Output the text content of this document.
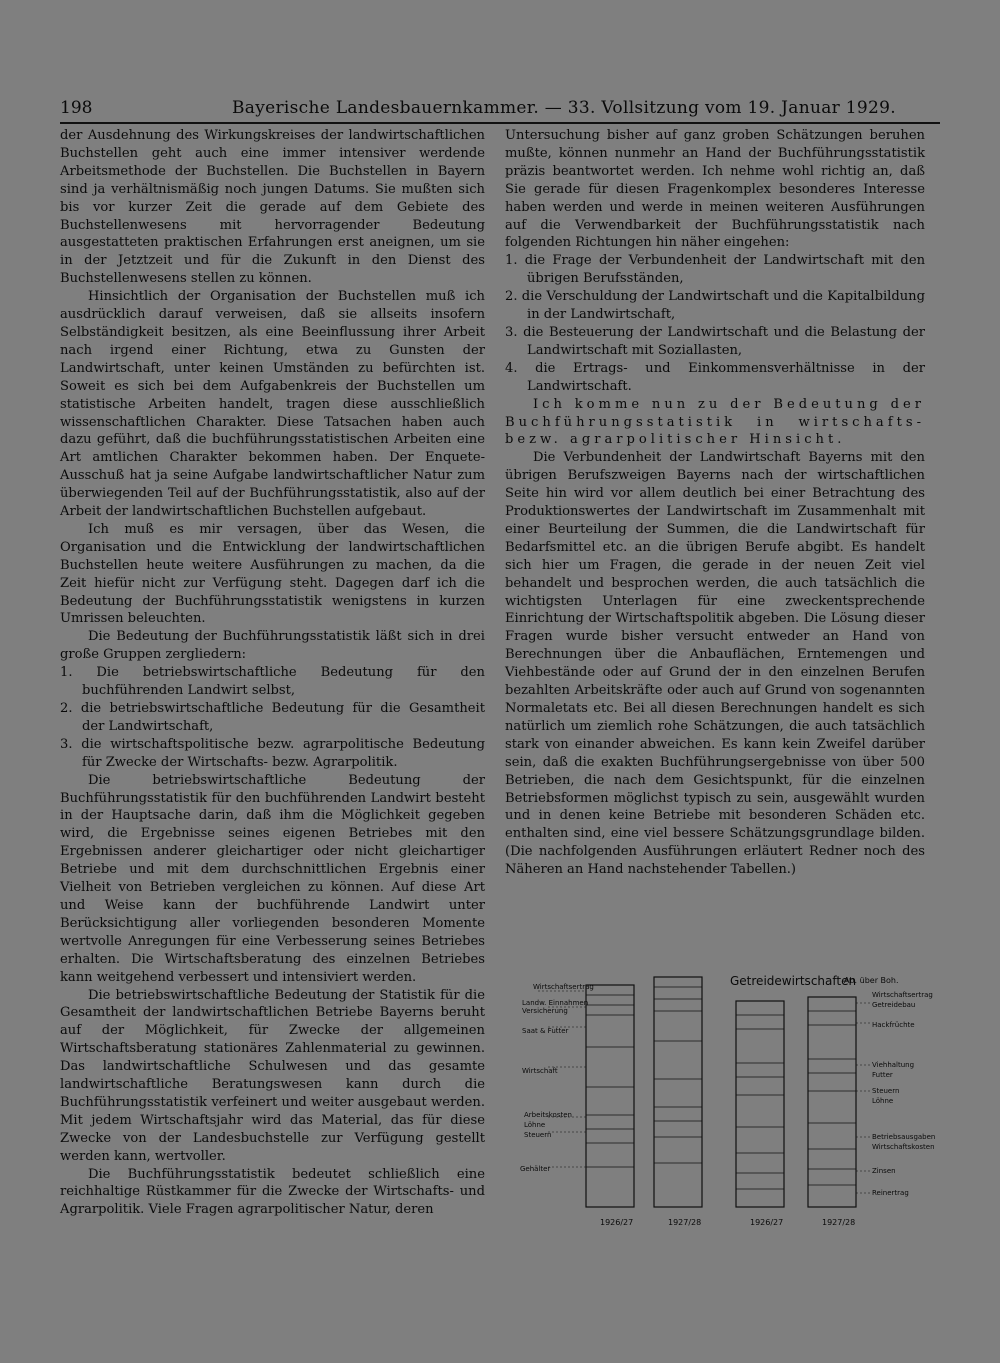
198	Bayerische Landesbauernkammer. — 33. Vollsitzung vom 19. Januar 1929.

der Ausdehnung des Wirkungskreises der landwirtschaftlichen Buchstellen geht auch eine immer intensiver werdende Arbeitsmethode der Buchstellen. Die Buchstellen in Bayern sind ja verhältnismäßig noch jungen Datums. Sie mußten sich bis vor kurzer Zeit die gerade auf dem Gebiete des Buchstellenwesens mit hervorragender Bedeutung ausgestatteten praktischen Erfahrungen erst aneignen, um sie in der Jetztzeit und für die Zukunft in den Dienst des Buchstellenwesens stellen zu können.

Hinsichtlich der Organisation der Buchstellen muß ich ausdrücklich darauf verweisen, daß sie allseits insofern Selbständigkeit besitzen, als eine Beeinflussung ihrer Arbeit nach irgend einer Richtung, etwa zu Gunsten der Landwirtschaft, unter keinen Umständen zu befürchten ist. Soweit es sich bei dem Aufgabenkreis der Buchstellen um statistische Arbeiten handelt, tragen diese ausschließlich wissenschaftlichen Charakter. Diese Tatsachen haben auch dazu geführt, daß die buchführungsstatistischen Arbeiten eine Art amtlichen Charakter bekommen haben. Der Enquete-Ausschuß hat ja seine Aufgabe landwirtschaftlicher Natur zum überwiegenden Teil auf der Buchführungsstatistik, also auf der Arbeit der landwirtschaftlichen Buchstellen aufgebaut.

Ich muß es mir versagen, über das Wesen, die Organisation und die Entwicklung der landwirtschaftlichen Buchstellen heute weitere Ausführungen zu machen, da die Zeit hiefür nicht zur Verfügung steht. Dagegen darf ich die Bedeutung der Buchführungsstatistik wenigstens in kurzen Umrissen beleuchten.

Die Bedeutung der Buchführungsstatistik läßt sich in drei große Gruppen zergliedern:

1. Die betriebswirtschaftliche Bedeutung für den buchführenden Landwirt selbst,

2. die betriebswirtschaftliche Bedeutung für die Gesamtheit der Landwirtschaft,

3. die wirtschaftspolitische bezw. agrarpolitische Bedeutung für Zwecke der Wirtschafts- bezw. Agrarpolitik.

Die betriebswirtschaftliche Bedeutung der Buchführungsstatistik für den buchführenden Landwirt besteht in der Hauptsache darin, daß ihm die Möglichkeit gegeben wird, die Ergebnisse seines eigenen Betriebes mit den Ergebnissen anderer gleichartiger oder nicht gleichartiger Betriebe und mit dem durchschnittlichen Ergebnis einer Vielheit von Betrieben vergleichen zu können. Auf diese Art und Weise kann der buchführende Landwirt unter Berücksichtigung aller vorliegenden besonderen Momente wertvolle Anregungen für eine Verbesserung seines Betriebes erhalten. Die Wirtschaftsberatung des einzelnen Betriebes kann weitgehend verbessert und intensiviert werden.

Die betriebswirtschaftliche Bedeutung der Statistik für die Gesamtheit der landwirtschaftlichen Betriebe Bayerns beruht auf der Möglichkeit, für Zwecke der allgemeinen Wirtschaftsberatung stationäres Zahlenmaterial zu gewinnen. Das landwirtschaftliche Schulwesen und das gesamte landwirtschaftliche Beratungswesen kann durch die Buchführungsstatistik verfeinert und weiter ausgebaut werden. Mit jedem Wirtschaftsjahr wird das Material, das für diese Zwecke von der Landesbuchstelle zur Verfügung gestellt werden kann, wertvoller.

Die Buchführungsstatistik bedeutet schließlich eine reichhaltige Rüstkammer für die Zwecke der Wirtschafts- und Agrarpolitik. Viele Fragen agrarpolitischer Natur, deren

Untersuchung bisher auf ganz groben Schätzungen beruhen mußte, können nunmehr an Hand der Buchführungsstatistik präzis beantwortet werden. Ich nehme wohl richtig an, daß Sie gerade für diesen Fragenkomplex besonderes Interesse haben werden und werde in meinen weiteren Ausführungen auf die Verwendbarkeit der Buchführungsstatistik nach folgenden Richtungen hin näher eingehen:

1. die Frage der Verbundenheit der Landwirtschaft mit den übrigen Berufsständen,

2. die Verschuldung der Landwirtschaft und die Kapitalbildung in der Landwirtschaft,

3. die Besteuerung der Landwirtschaft und die Belastung der Landwirtschaft mit Soziallasten,

4. die Ertrags- und Einkommensverhältnisse in der Landwirtschaft.

Ich komme nun zu der Bedeutung der Buchführungsstatistik in wirtschafts- bezw. agrarpolitischer Hinsicht.

Die Verbundenheit der Landwirtschaft Bayerns mit den übrigen Berufszweigen Bayerns nach der wirtschaftlichen Seite hin wird vor allem deutlich bei einer Betrachtung des Produktionswertes der Landwirtschaft im Zusammenhalt mit einer Beurteilung der Summen, die die Landwirtschaft für Bedarfsmittel etc. an die übrigen Berufe abgibt. Es handelt sich hier um Fragen, die gerade in der neuen Zeit viel behandelt und besprochen werden, die auch tatsächlich die wichtigsten Unterlagen für eine zweckentsprechende Einrichtung der Wirtschaftspolitik abgeben. Die Lösung dieser Fragen wurde bisher versucht entweder an Hand von Berechnungen über die Anbauflächen, Erntemengen und Viehbestände oder auf Grund der in den einzelnen Berufen bezahlten Arbeitskräfte oder auch auf Grund von sogenannten Normaletats etc. Bei all diesen Berechnungen handelt es sich natürlich um ziemlich rohe Schätzungen, die auch tatsächlich stark von einander abweichen. Es kann kein Zweifel darüber sein, daß die exakten Buchführungsergebnisse von über 500 Betrieben, die nach dem Gesichtspunkt, für die einzelnen Betriebsformen möglichst typisch zu sein, ausgewählt wurden und in denen keine Betriebe mit besonderen Schäden etc. enthalten sind, eine viel bessere Schätzungsgrundlage bilden. (Die nachfolgenden Ausführungen erläutert Redner noch des Näheren an Hand nachstehender Tabellen.)

Wirtschaftsertrag
Landw. Einnahmen
Versicherung
Saat & Futter
Wirtschaft
Arbeitskosten
Löhne
Steuern
Gehälter
Getreidewirtschaften
Ab. über Boh.
Wirtschaftsertrag
Getreidebau
Hackfrüchte
Viehhaltung
Futter
Steuern
Löhne
Betriebsausgaben
Wirtschaftskosten
Zinsen
Reinertrag
1926/27	1927/28	1926/27	1927/28
